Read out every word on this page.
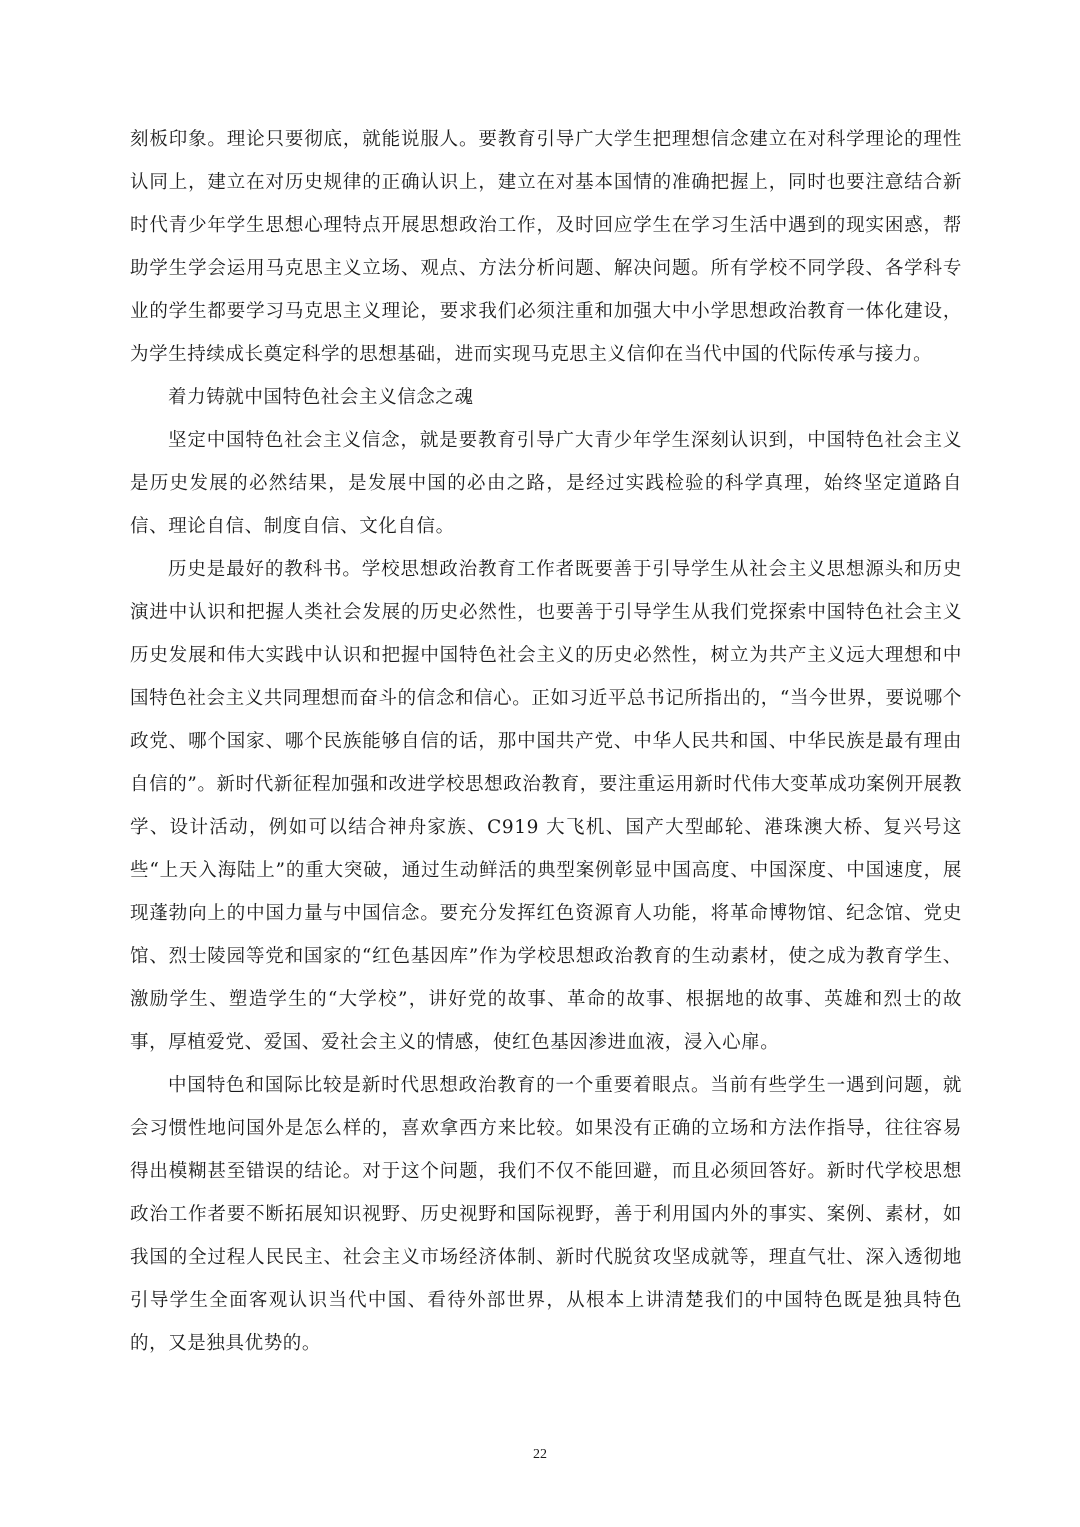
刻板印象。理论只要彻底，就能说服人。要教育引导广大学生把理想信念建立在对科学理论的理性认同上，建立在对历史规律的正确认识上，建立在对基本国情的准确把握上，同时也要注意结合新时代青少年学生思想心理特点开展思想政治工作，及时回应学生在学习生活中遇到的现实困惑，帮助学生学会运用马克思主义立场、观点、方法分析问题、解决问题。所有学校不同学段、各学科专业的学生都要学习马克思主义理论，要求我们必须注重和加强大中小学思想政治教育一体化建设，为学生持续成长奠定科学的思想基础，进而实现马克思主义信仰在当代中国的代际传承与接力。

着力铸就中国特色社会主义信念之魂

坚定中国特色社会主义信念，就是要教育引导广大青少年学生深刻认识到，中国特色社会主义是历史发展的必然结果，是发展中国的必由之路，是经过实践检验的科学真理，始终坚定道路自信、理论自信、制度自信、文化自信。

历史是最好的教科书。学校思想政治教育工作者既要善于引导学生从社会主义思想源头和历史演进中认识和把握人类社会发展的历史必然性，也要善于引导学生从我们党探索中国特色社会主义历史发展和伟大实践中认识和把握中国特色社会主义的历史必然性，树立为共产主义远大理想和中国特色社会主义共同理想而奋斗的信念和信心。正如习近平总书记所指出的，“当今世界，要说哪个政党、哪个国家、哪个民族能够自信的话，那中国共产党、中华人民共和国、中华民族是最有理由自信的”。新时代新征程加强和改进学校思想政治教育，要注重运用新时代伟大变革成功案例开展教学、设计活动，例如可以结合神舟家族、C919 大飞机、国产大型邮轮、港珠澳大桥、复兴号这些“上天入海陆上”的重大突破，通过生动鲜活的典型案例彰显中国高度、中国深度、中国速度，展现蓬勃向上的中国力量与中国信念。要充分发挥红色资源育人功能，将革命博物馆、纪念馆、党史馆、烈士陵园等党和国家的“红色基因库”作为学校思想政治教育的生动素材，使之成为教育学生、激励学生、塑造学生的“大学校”，讲好党的故事、革命的故事、根据地的故事、英雄和烈士的故事，厚植爱党、爱国、爱社会主义的情感，使红色基因渗进血液，浸入心扉。

中国特色和国际比较是新时代思想政治教育的一个重要着眼点。当前有些学生一遇到问题，就会习惯性地问国外是怎么样的，喜欢拿西方来比较。如果没有正确的立场和方法作指导，往往容易得出模糊甚至错误的结论。对于这个问题，我们不仅不能回避，而且必须回答好。新时代学校思想政治工作者要不断拓展知识视野、历史视野和国际视野，善于利用国内外的事实、案例、素材，如我国的全过程人民民主、社会主义市场经济体制、新时代脱贫攻坚成就等，理直气壮、深入透彻地引导学生全面客观认识当代中国、看待外部世界，从根本上讲清楚我们的中国特色既是独具特色的，又是独具优势的。

22
